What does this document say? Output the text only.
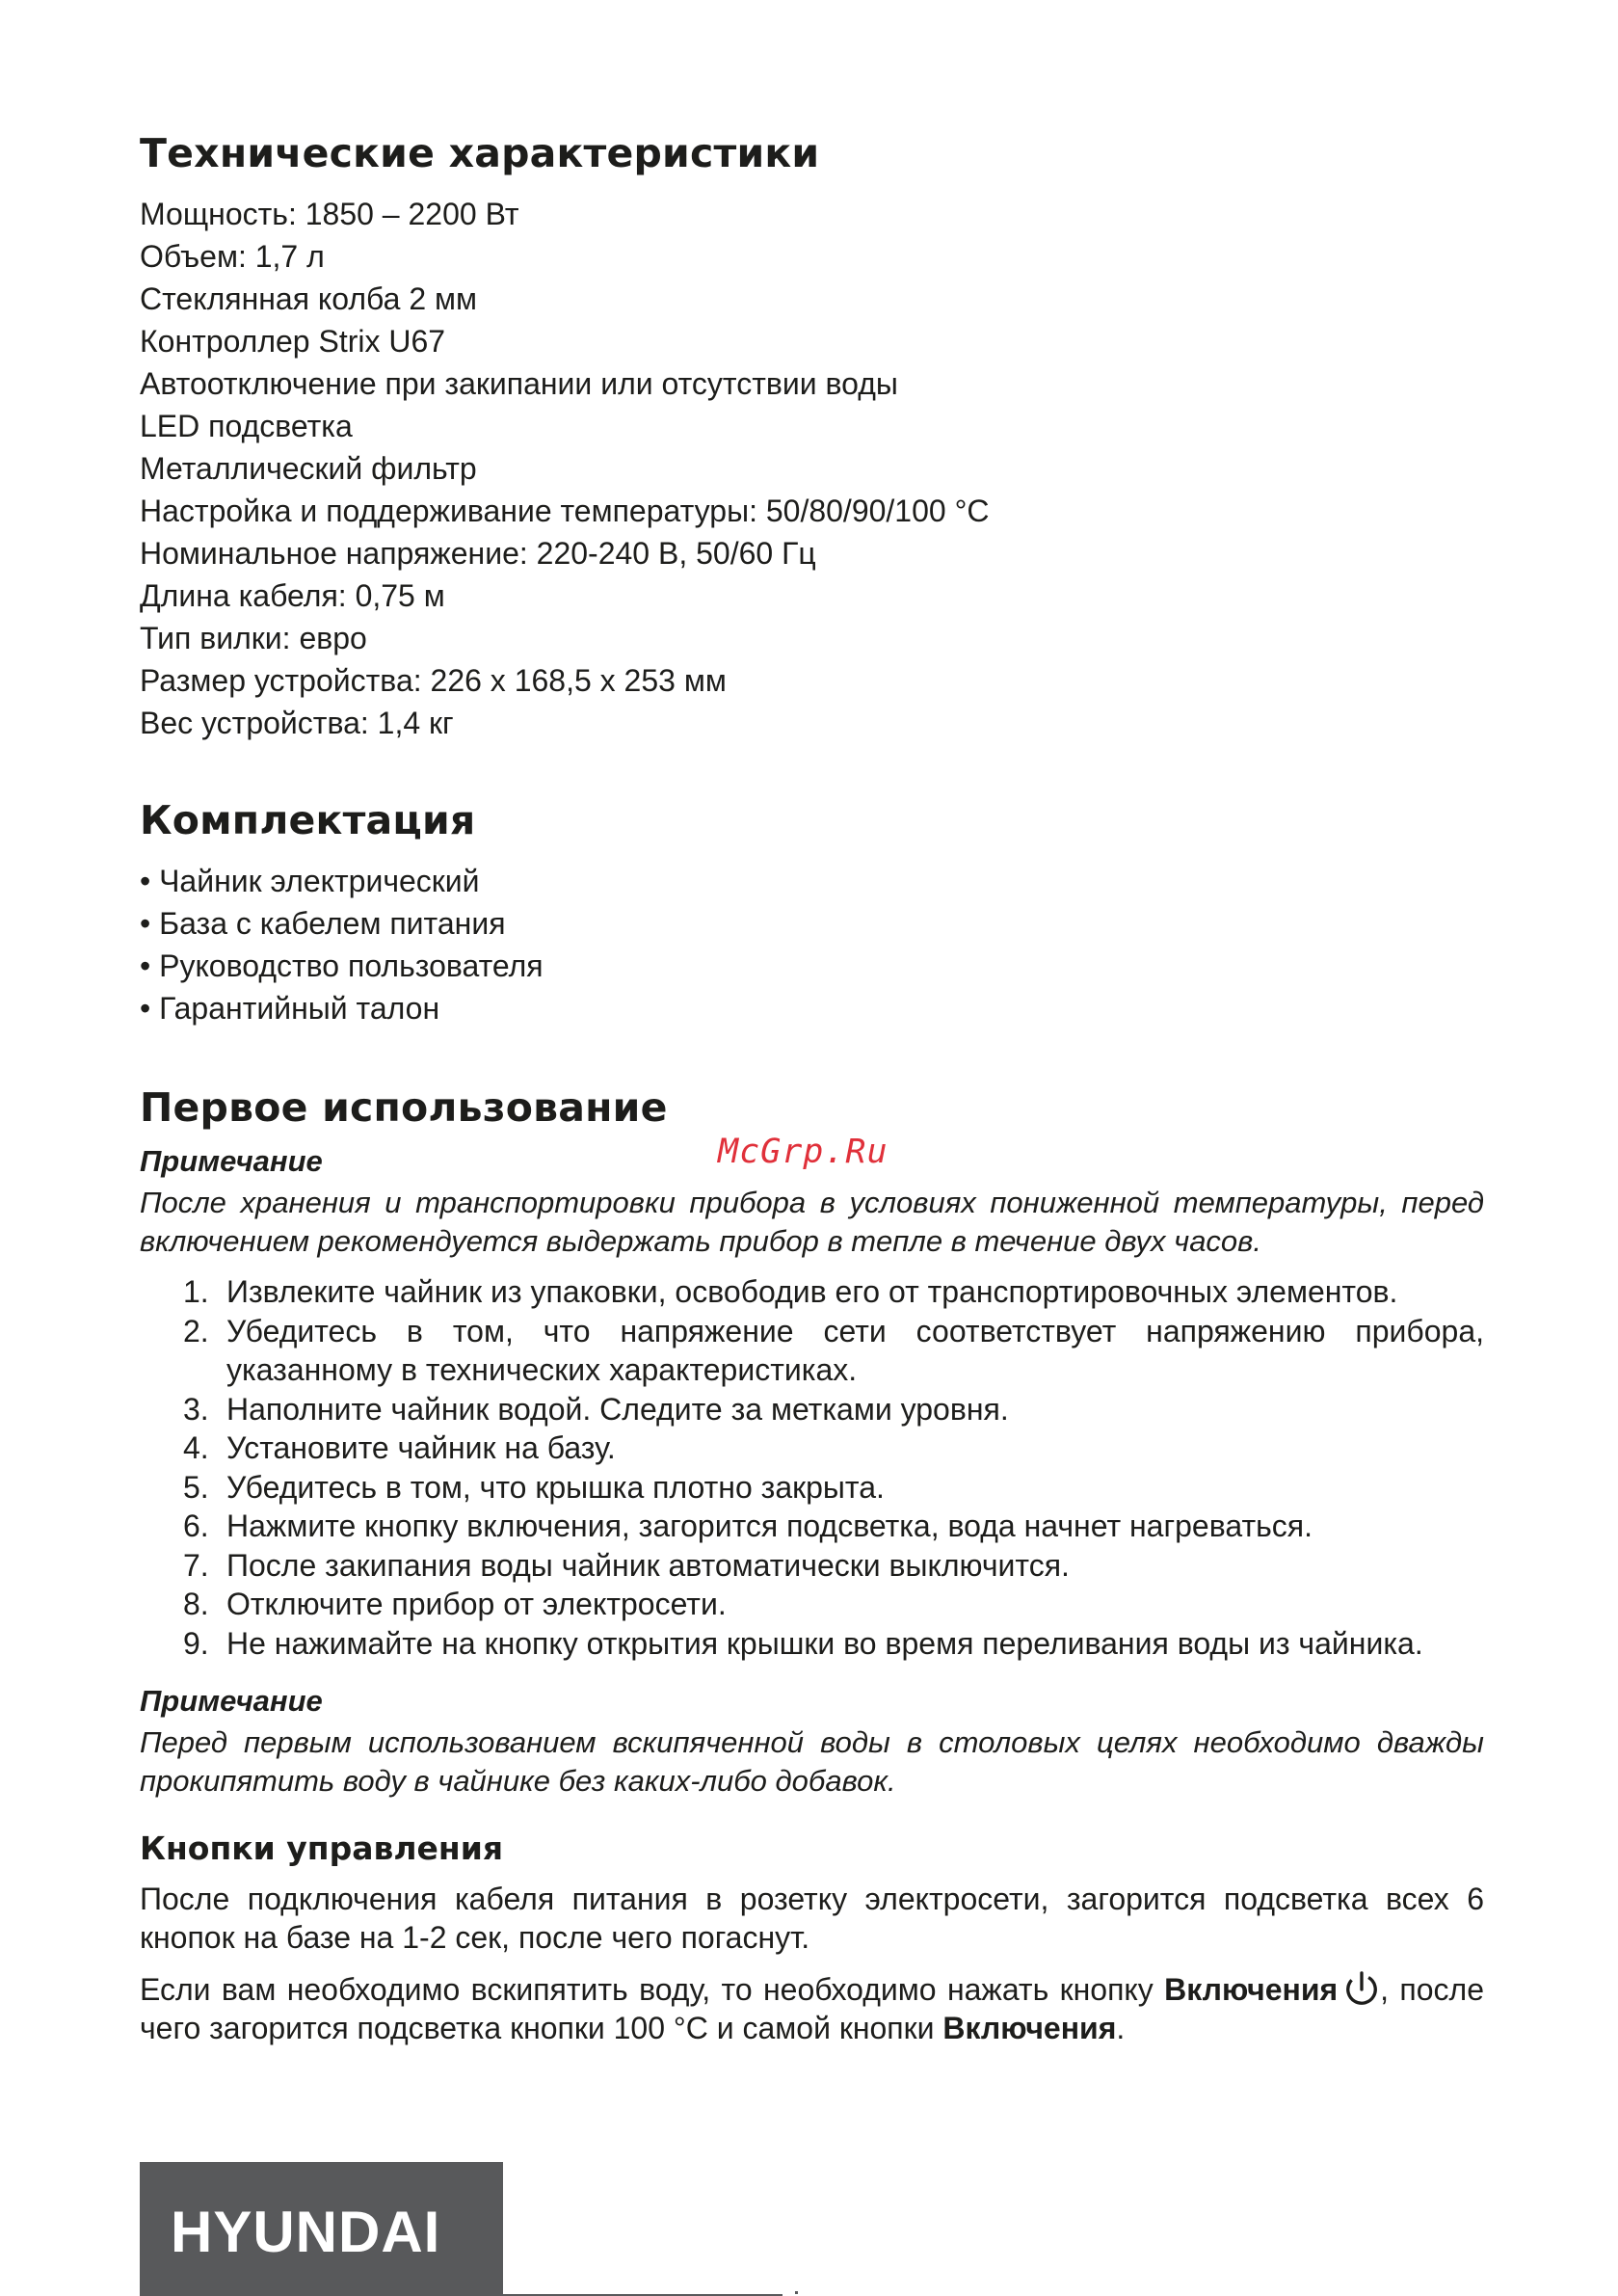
Технические характеристики
Мощность: 1850 – 2200 Вт
Объем: 1,7 л
Стеклянная колба 2 мм
Контроллер Strix U67
Автоотключение при закипании или отсутствии воды
LED подсветка
Металлический фильтр
Настройка и поддерживание температуры: 50/80/90/100 °C
Номинальное напряжение: 220-240 В, 50/60 Гц
Длина кабеля: 0,75 м
Тип вилки: евро
Размер устройства: 226 x 168,5 x 253 мм
Вес устройства: 1,4 кг
Комплектация
• Чайник электрический
• База с кабелем питания
• Руководство пользователя
• Гарантийный талон
Первое использование
Примечание
После хранения и транспортировки прибора в условиях пониженной температуры, перед включением рекомендуется выдержать прибор в тепле в течение двух часов.
1. Извлеките чайник из упаковки, освободив его от транспортировочных элементов.
2. Убедитесь в том, что напряжение сети соответствует напряжению прибора, указанному в технических характеристиках.
3. Наполните чайник водой. Следите за метками уровня.
4. Установите чайник на базу.
5. Убедитесь в том, что крышка плотно закрыта.
6. Нажмите кнопку включения, загорится подсветка, вода начнет нагреваться.
7. После закипания воды чайник автоматически выключится.
8. Отключите прибор от электросети.
9. Не нажимайте на кнопку открытия крышки во время переливания воды из чайника.
Примечание
Перед первым использованием вскипяченной воды в столовых целях необходимо дважды прокипятить воду в чайнике без каких-либо добавок.
Кнопки управления

После подключения кабеля питания в розетку электросети, загорится подсветка всех 6 кнопок на базе на 1-2 сек, после чего погаснут.

Если вам необходимо вскипятить воду, то необходимо нажать кнопку Включения , после чего загорится подсветка кнопки 100 °C и самой кнопки Включения.

McGrp.Ru
HYUNDAI
